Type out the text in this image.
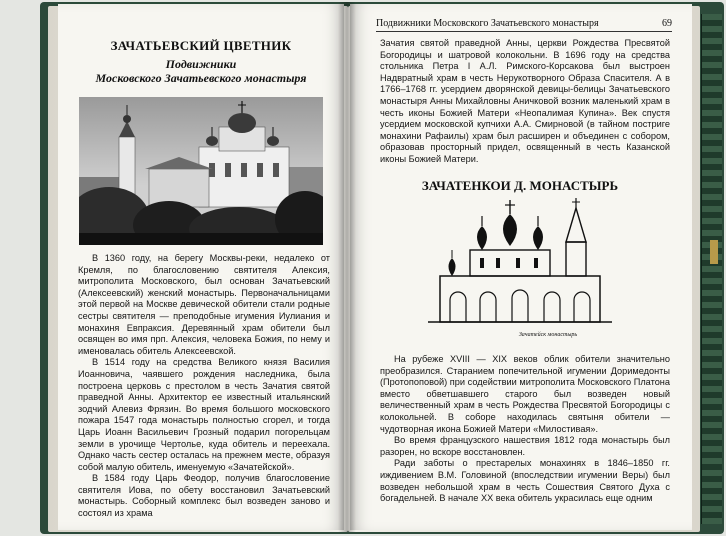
ЗАЧАТЬЕВСКИЙ ЦВЕТНИК
Подвижники
Московского Зачатьевского монастыря

В 1360 году, на берегу Москвы-реки, недалеко от Кремля, по благословению святителя Алексия, митрополита Московского, был основан Зачатьевский (Алексеевский) женский монастырь. Первоначальницами этой первой на Москве девической обители стали родные сестры святителя — преподобные игумения Иулиания и монахиня Евпраксия. Деревянный храм обители был освящен во имя прп. Алексия, человека Божия, по нему и именовалась обитель Алексеевской.

В 1514 году на средства Великого князя Василия Иоанновича, чаявшего рождения наследника, была построена церковь с престолом в честь Зачатия святой праведной Анны. Архитектор ее известный итальянский зодчий Алевиз Фрязин. Во время большого московского пожара 1547 года монастырь полностью сгорел, и тогда Царь Иоанн Васильевич Грозный подарил погорельцам земли в урочище Чертолье, куда обитель и переехала. Однако часть сестер осталась на прежнем месте, образуя собой малую обитель, именуемую «Зачатейской».

В 1584 году Царь Феодор, получив благословение святителя Иова, по обету восстановил Зачатьевский монастырь. Соборный комплекс был возведен заново и состоял из храма

Подвижники Московского Зачатьевского монастыря	69

Зачатия святой праведной Анны, церкви Рождества Пресвятой Богородицы и шатровой колокольни. В 1696 году на средства стольника Петра I А.Л. Римского-Корсакова был выстроен Надвратный храм в честь Нерукотворного Образа Спасителя. А в 1766–1768 гг. усердием дворянской девицы-белицы Зачатьевского монастыря Анны Михайловны Аничковой возник маленький храм в честь иконы Божией Матери «Неопалимая Купина». Век спустя усердием московской купчихи А.А. Смирновой (в тайном постриге монахини Рафаилы) храм был расширен и объединен с собором, образовав просторный придел, освященный в честь Казанской иконы Божией Матери.

ЗАЧАТЕНКОИ Д. МОНАСТЫРЬ
Зачатейск монастырь

На рубеже XVIII — XIX веков облик обители значительно преобразился. Старанием попечительной игумении Доримедонты (Протопоповой) при содействии митрополита Московского Платона вместо обветшавшего старого был возведен новый величественный храм в честь Рождества Пресвятой Богородицы с колокольней. В соборе находилась святыня обители — чудотворная икона Божией Матери «Милостивая».

Во время французского нашествия 1812 года монастырь был разорен, но вскоре восстановлен.

Ради заботы о престарелых монахинях в 1846–1850 гг. иждивением В.М. Головиной (впоследствии игумении Веры) был возведен небольшой храм в честь Сошествия Святого Духа с богадельней. В начале XX века обитель украсилась еще одним
